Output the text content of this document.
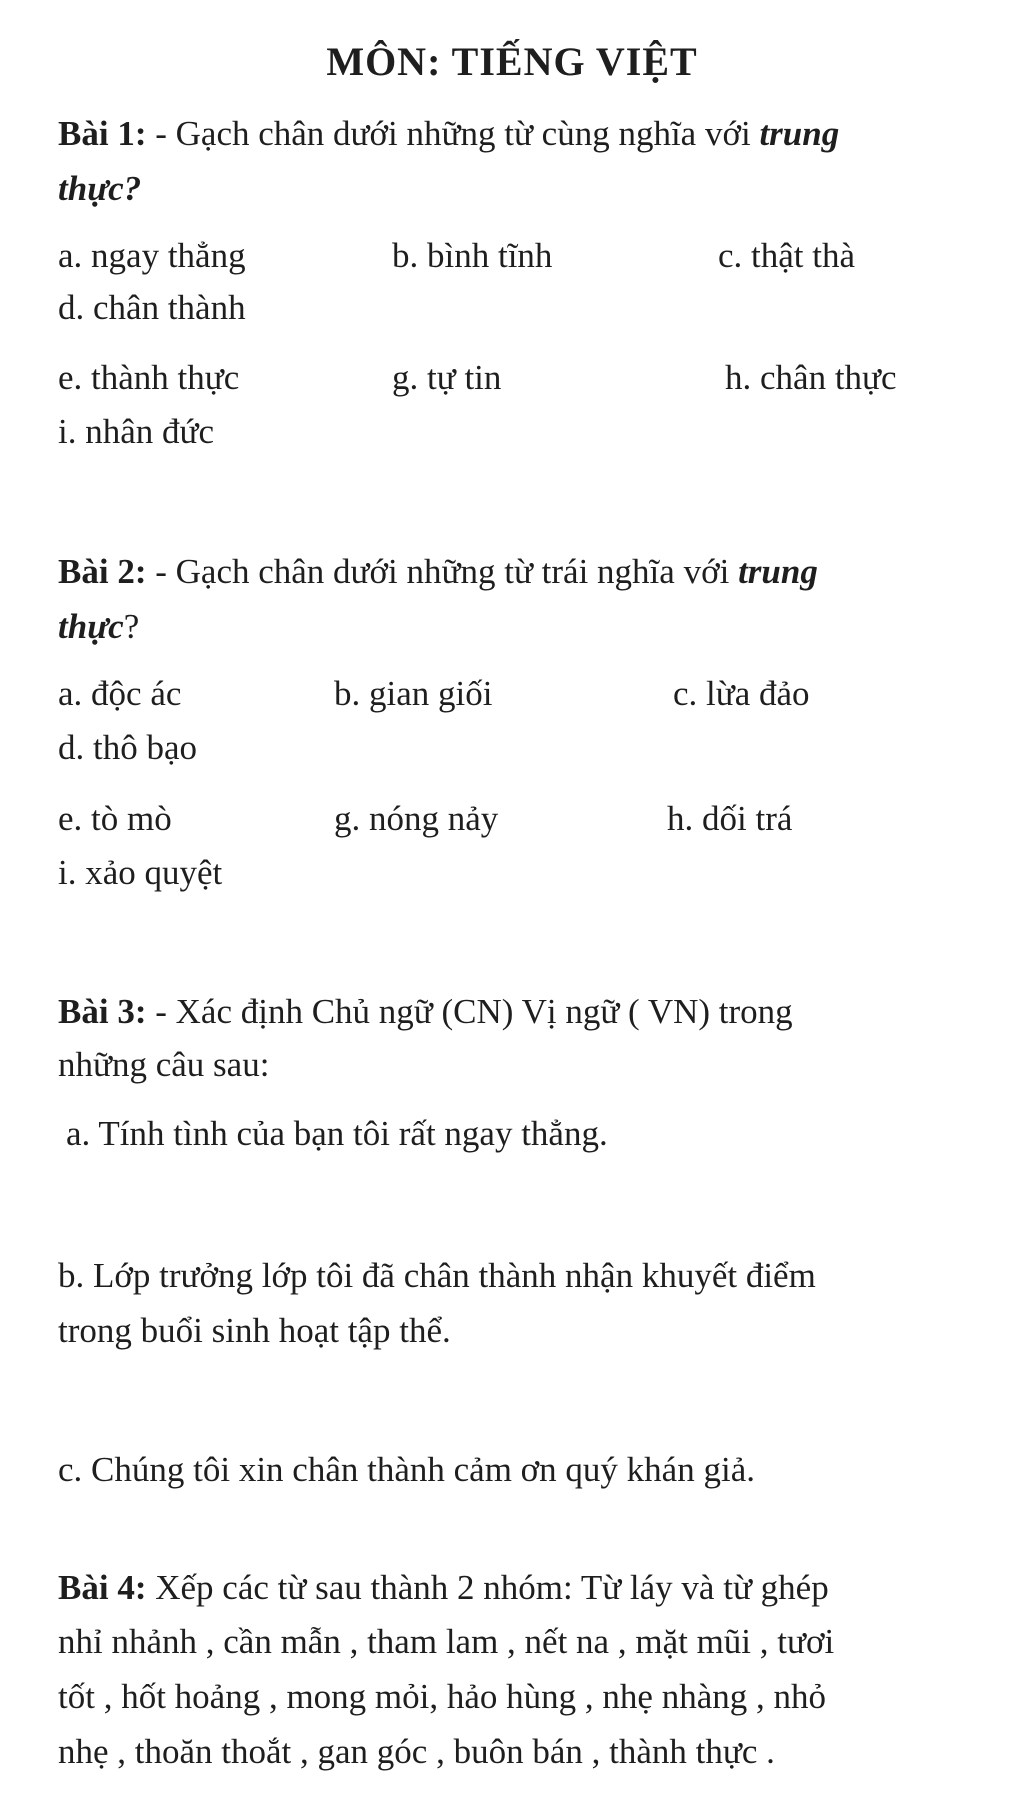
MÔN: TIẾNG VIỆT
Bài 1: - Gạch chân dưới những từ cùng nghĩa với trung
thực?
a. ngay thẳng	b. bình tĩnh	c. thật thà
d. chân thành
e. thành thực	g. tự tin	h. chân thực
i. nhân đức
Bài 2: - Gạch chân dưới những từ trái nghĩa với trung
thực?
a. độc ác	b. gian giối	c. lừa đảo
d. thô bạo
e. tò mò	g. nóng nảy	h. dối trá
i. xảo quyệt
Bài 3: - Xác định Chủ ngữ (CN) Vị ngữ ( VN) trong
những câu sau:
a. Tính tình của bạn tôi rất ngay thẳng.
b. Lớp trưởng lớp tôi đã chân thành nhận khuyết điểm
trong buổi sinh hoạt tập thể.
c. Chúng tôi xin chân thành cảm ơn quý khán giả.
Bài 4: Xếp các từ sau thành 2 nhóm: Từ láy và từ ghép
nhỉ nhảnh , cần mẫn , tham lam , nết na , mặt mũi , tươi
tốt , hốt hoảng , mong mỏi, hảo hùng , nhẹ nhàng , nhỏ
nhẹ , thoăn thoắt , gan góc , buôn bán , thành thực .
